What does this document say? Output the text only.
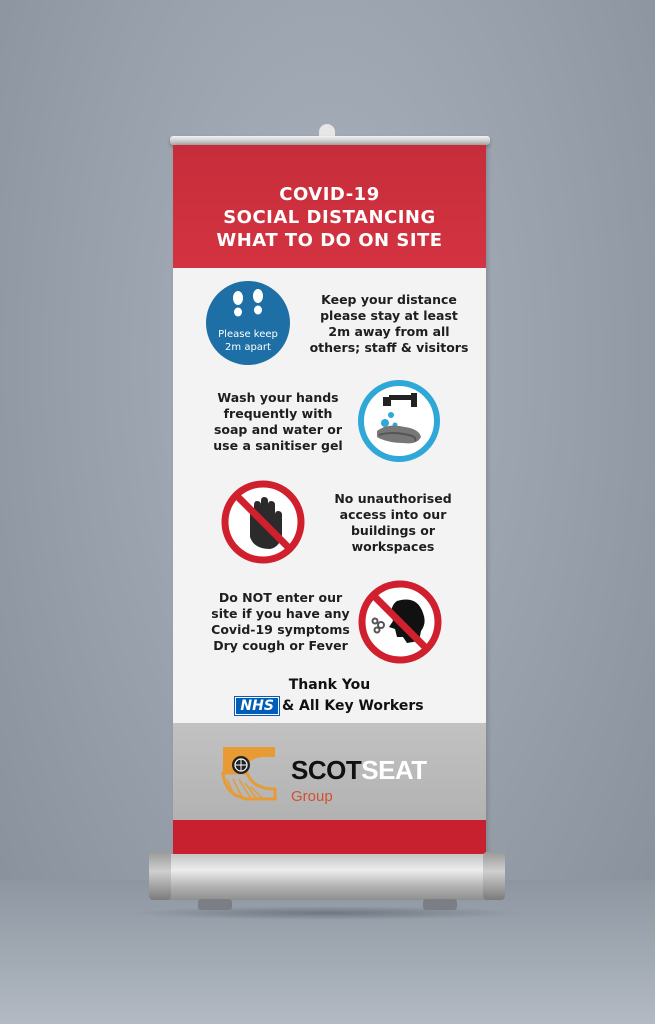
COVID-19
SOCIAL DISTANCING
WHAT TO DO ON SITE
Please keep
2m apart
Keep your distance
please stay at least
2m away from all
others; staff & visitors
Wash your hands
frequently with
soap and water or
use a sanitiser gel
No unauthorised
access into our
buildings or
workspaces
Do NOT enter our
site if you have any
Covid-19 symptoms
Dry cough or Fever
Thank You
NHS & All Key Workers
SCOTSEAT
Group
